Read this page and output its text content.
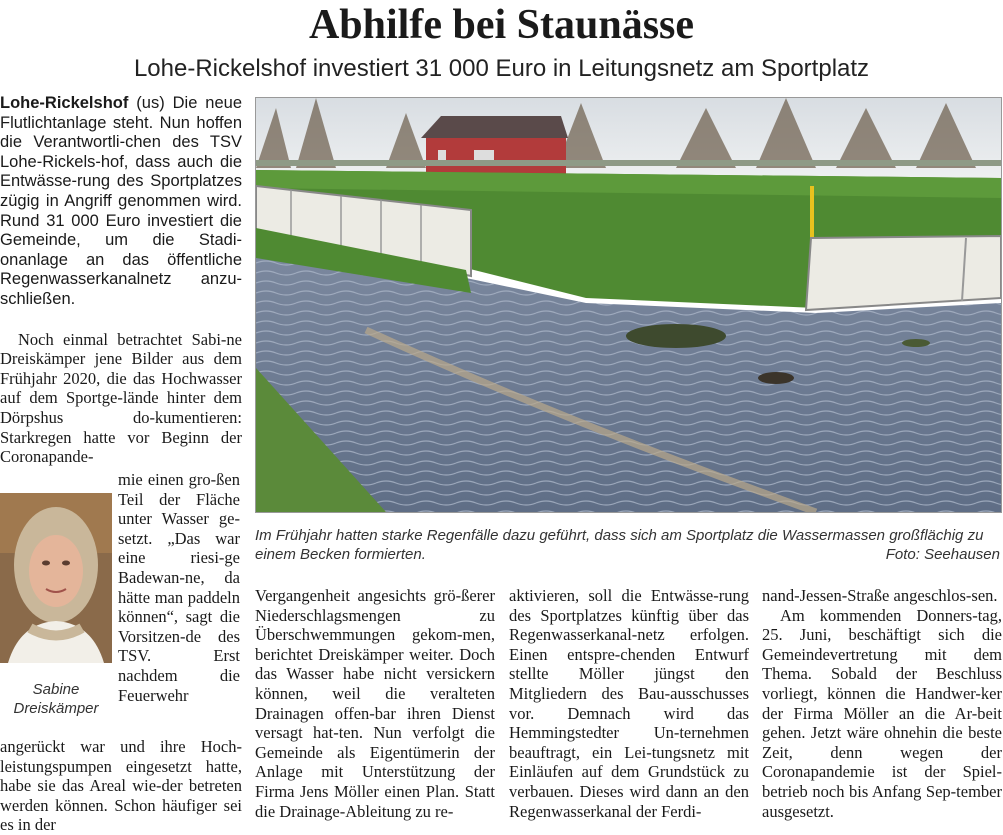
Abhilfe bei Staunässe
Lohe-Rickelshof investiert 31 000 Euro in Leitungsnetz am Sportplatz

Lohe-Rickelshof (us) Die neue Flutlichtanlage steht. Nun hoffen die Verantwortli-chen des TSV Lohe-Rickels-hof, dass auch die Entwässe-rung des Sportplatzes zügig in Angriff genommen wird. Rund 31 000 Euro investiert die Gemeinde, um die Stadi-onanlage an das öffentliche Regenwasserkanalnetz anzu-schließen.

Noch einmal betrachtet Sabi-ne Dreiskämper jene Bilder aus dem Frühjahr 2020, die das Hochwasser auf dem Sportge-lände hinter dem Dörpshus do-kumentieren: Starkregen hatte vor Beginn der Coronapande-

Sabine Dreiskämper

mie einen gro-ßen Teil der Fläche unter Wasser ge-setzt. „Das war eine riesi-ge Badewan-ne, da hätte man paddeln können“, sagt die Vorsitzen-de des TSV. Erst nachdem die Feuerwehr

angerückt war und ihre Hoch-leistungspumpen eingesetzt hatte, habe sie das Areal wie-der betreten werden können. Schon häufiger sei es in der

Im Frühjahr hatten starke Regenfälle dazu geführt, dass sich am Sportplatz die Wassermassen großflächig zu einem Becken formierten.	Foto: Seehausen

Vergangenheit angesichts grö-ßerer Niederschlagsmengen zu Überschwemmungen gekom-men, berichtet Dreiskämper weiter. Doch das Wasser habe nicht versickern können, weil die veralteten Drainagen offen-bar ihren Dienst versagt hat-ten. Nun verfolgt die Gemeinde als Eigentümerin der Anlage mit Unterstützung der Firma Jens Möller einen Plan. Statt die Drainage-Ableitung zu re-

aktivieren, soll die Entwässe-rung des Sportplatzes künftig über das Regenwasserkanal-netz erfolgen. Einen entspre-chenden Entwurf stellte Möller jüngst den Mitgliedern des Bau-ausschusses vor. Demnach wird das Hemmingstedter Un-ternehmen beauftragt, ein Lei-tungsnetz mit Einläufen auf dem Grundstück zu verbauen. Dieses wird dann an den Regenwasserkanal der Ferdi-

nand-Jessen-Straße angeschlos-sen.

Am kommenden Donners-tag, 25. Juni, beschäftigt sich die Gemeindevertretung mit dem Thema. Sobald der Beschluss vorliegt, können die Handwer-ker der Firma Möller an die Ar-beit gehen. Jetzt wäre ohnehin die beste Zeit, denn wegen der Coronapandemie ist der Spiel-betrieb noch bis Anfang Sep-tember ausgesetzt.
